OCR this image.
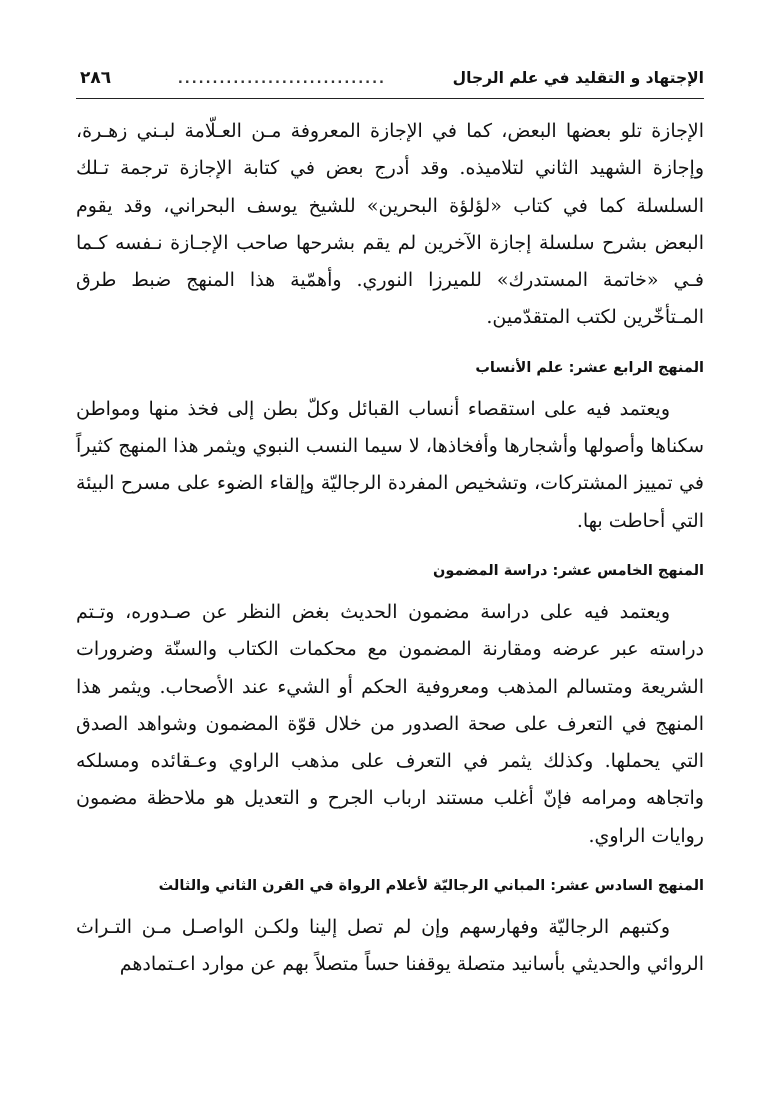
الإجتهاد و التقليد في علم الرجال
..............................
٢٨٦

الإجازة تلو بعضها البعض، كما في الإجازة المعروفة مـن العـلّامة لبـني زهـرة، وإجازة الشهيد الثاني لتلاميذه. وقد أدرج بعض في كتابة الإجازة ترجمة تـلك السلسلة كما في كتاب «لؤلؤة البحرين» للشيخ يوسف البحراني، وقد يقوم البعض بشرح سلسلة إجازة الآخرين لم يقم بشرحها صاحب الإجـازة نـفسه كـما فـي «خاتمة المستدرك» للميرزا النوري. وأهمّية هذا المنهج ضبط طرق المـتأخّرين لكتب المتقدّمين.

المنهج الرابع عشر: علم الأنساب

ويعتمد فيه على استقصاء أنساب القبائل وكلّ بطن إلى فخذ منها ومواطن سكناها وأصولها وأشجارها وأفخاذها، لا سيما النسب النبوي ويثمر هذا المنهج كثيراً في تمييز المشتركات، وتشخيص المفردة الرجاليّة وإلقاء الضوء على مسرح البيئة التي أحاطت بها.

المنهج الخامس عشر: دراسة المضمون

ويعتمد فيه على دراسة مضمون الحديث بغض النظر عن صـدوره، وتـتم دراسته عبر عرضه ومقارنة المضمون مع محكمات الكتاب والسنّة وضرورات الشريعة ومتسالم المذهب ومعروفية الحكم أو الشيء عند الأصحاب. ويثمر هذا المنهج في التعرف على صحة الصدور من خلال قوّة المضمون وشواهد الصدق التي يحملها. وكذلك يثمر في التعرف على مذهب الراوي وعـقائده ومسلكه واتجاهه ومرامه فإنّ أغلب مستند ارباب الجرح و التعديل هو ملاحظة مضمون روايات الراوي.

المنهج السادس عشر: المباني الرجاليّة لأعلام الرواة في القرن الثاني والثالث

وكتبهم الرجاليّة وفهارسهم وإن لم تصل إلينا ولكـن الواصـل مـن التـراث الروائي والحديثي بأسانيد متصلة يوقفنا حساً متصلاً بهم عن موارد اعـتمادهم
